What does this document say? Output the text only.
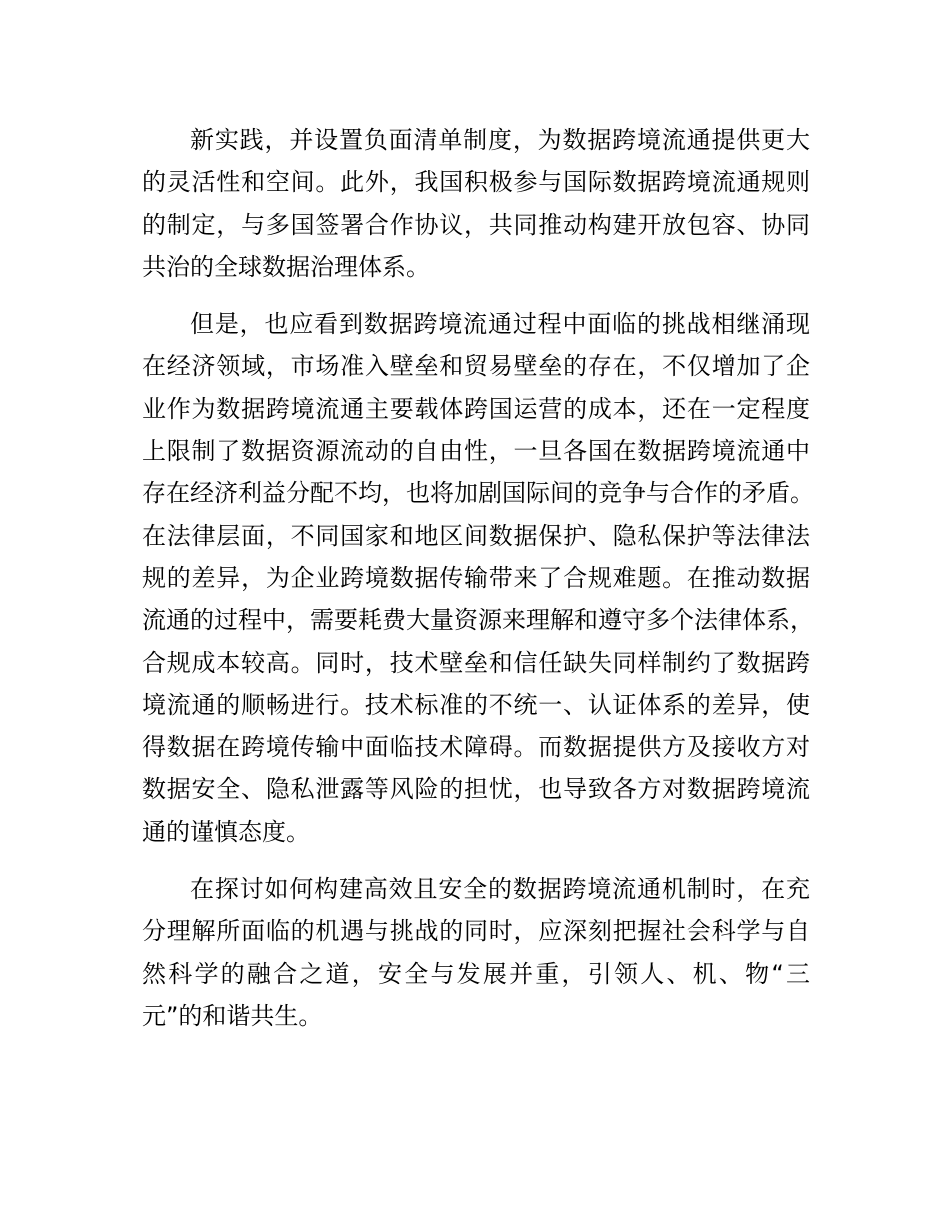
新实践，并设置负面清单制度，为数据跨境流通提供更大
的灵活性和空间。此外，我国积极参与国际数据跨境流通规则
的制定，与多国签署合作协议，共同推动构建开放包容、协同
共治的全球数据治理体系。
但是，也应看到数据跨境流通过程中面临的挑战相继涌现
在经济领域，市场准入壁垒和贸易壁垒的存在，不仅增加了企
业作为数据跨境流通主要载体跨国运营的成本，还在一定程度
上限制了数据资源流动的自由性，一旦各国在数据跨境流通中
存在经济利益分配不均，也将加剧国际间的竞争与合作的矛盾。
在法律层面，不同国家和地区间数据保护、隐私保护等法律法
规的差异，为企业跨境数据传输带来了合规难题。在推动数据
流通的过程中，需要耗费大量资源来理解和遵守多个法律体系，
合规成本较高。同时，技术壁垒和信任缺失同样制约了数据跨
境流通的顺畅进行。技术标准的不统一、认证体系的差异，使
得数据在跨境传输中面临技术障碍。而数据提供方及接收方对
数据安全、隐私泄露等风险的担忧，也导致各方对数据跨境流
通的谨慎态度。
在探讨如何构建高效且安全的数据跨境流通机制时，在充
分理解所面临的机遇与挑战的同时，应深刻把握社会科学与自
然科学的融合之道，安全与发展并重，引领人、机、物“三
元”的和谐共生。
